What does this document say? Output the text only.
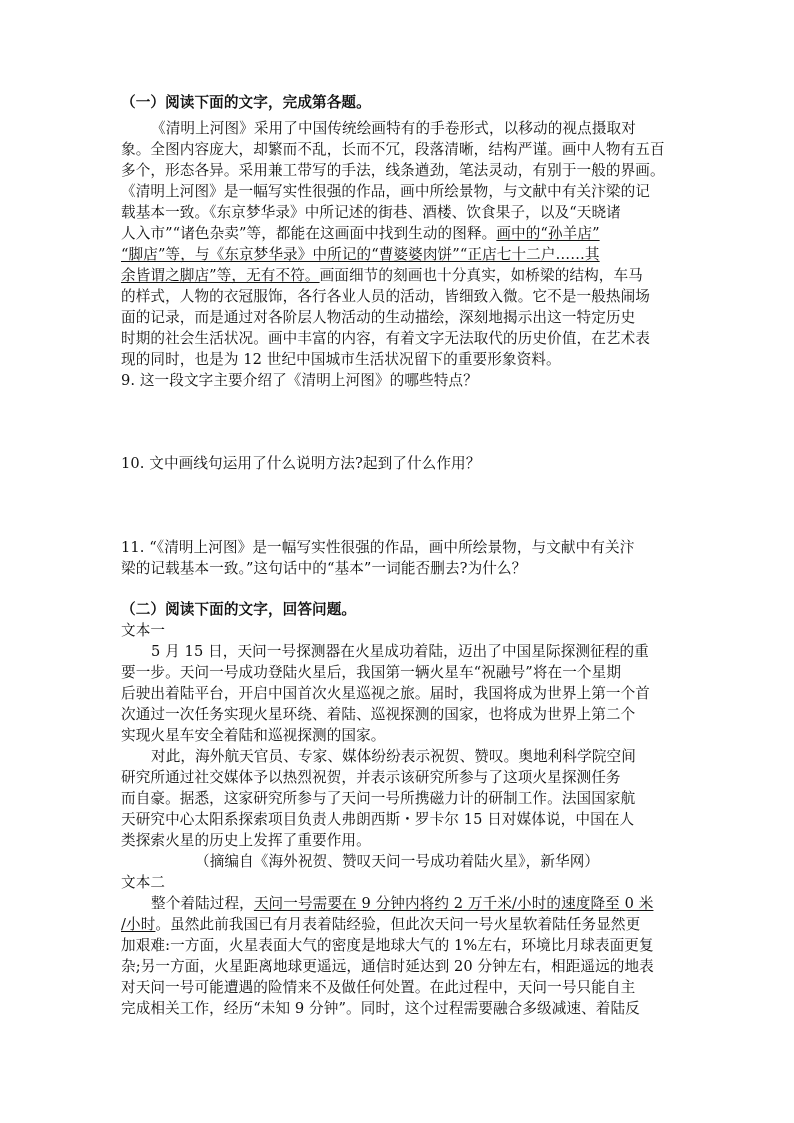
（一）阅读下面的文字，完成第各题。
《清明上河图》采用了中国传统绘画特有的手卷形式，以移动的视点摄取对
象。全图内容庞大，却繁而不乱，长而不冗，段落清晰，结构严谨。画中人物有五百
多个，形态各异。采用兼工带写的手法，线条遒劲，笔法灵动，有别于一般的界画。
《清明上河图》是一幅写实性很强的作品，画中所绘景物，与文献中有关汴梁的记
载基本一致。《东京梦华录》中所记述的街巷、酒楼、饮食果子，以及“天晓诸
人入市”“诸色杂卖”等，都能在这画面中找到生动的图释。画中的“孙羊店”
“脚店”等，与《东京梦华录》中所记的“曹婆婆肉饼”“正店七十二户……其
余皆谓之脚店”等，无有不符。画面细节的刻画也十分真实，如桥梁的结构，车马
的样式，人物的衣冠服饰，各行各业人员的活动，皆细致入微。它不是一般热闹场
面的记录，而是通过对各阶层人物活动的生动描绘，深刻地揭示出这一特定历史
时期的社会生活状况。画中丰富的内容，有着文字无法取代的历史价值，在艺术表
现的同时，也是为 12 世纪中国城市生活状况留下的重要形象资料。
9. 这一段文字主要介绍了《清明上河图》的哪些特点？
10. 文中画线句运用了什么说明方法?起到了什么作用？
11. “《清明上河图》是一幅写实性很强的作品，画中所绘景物，与文献中有关汴
梁的记载基本一致。”这句话中的“基本”一词能否删去?为什么？
（二）阅读下面的文字，回答问题。
文本一
5 月 15 日，天问一号探测器在火星成功着陆，迈出了中国星际探测征程的重
要一步。天问一号成功登陆火星后，我国第一辆火星车“祝融号”将在一个星期
后驶出着陆平台，开启中国首次火星巡视之旅。届时，我国将成为世界上第一个首
次通过一次任务实现火星环绕、着陆、巡视探测的国家，也将成为世界上第二个
实现火星车安全着陆和巡视探测的国家。
对此，海外航天官员、专家、媒体纷纷表示祝贺、赞叹。奥地利科学院空间
研究所通过社交媒体予以热烈祝贺，并表示该研究所参与了这项火星探测任务
而自豪。据悉，这家研究所参与了天问一号所携磁力计的研制工作。法国国家航
天研究中心太阳系探索项目负责人弗朗西斯・罗卡尔 15 日对媒体说，中国在人
类探索火星的历史上发挥了重要作用。
（摘编自《海外祝贺、赞叹天问一号成功着陆火星》，新华网）
文本二
整个着陆过程，天问一号需要在 9 分钟内将约 2 万千米/小时的速度降至 0 米
/小时。虽然此前我国已有月表着陆经验，但此次天问一号火星软着陆任务显然更
加艰难:一方面，火星表面大气的密度是地球大气的 1%左右，环境比月球表面更复
杂;另一方面，火星距离地球更遥远，通信时延达到 20 分钟左右，相距遥远的地表
对天问一号可能遭遇的险情来不及做任何处置。在此过程中，天问一号只能自主
完成相关工作，经历“未知 9 分钟”。同时，这个过程需要融合多级减速、着陆反
